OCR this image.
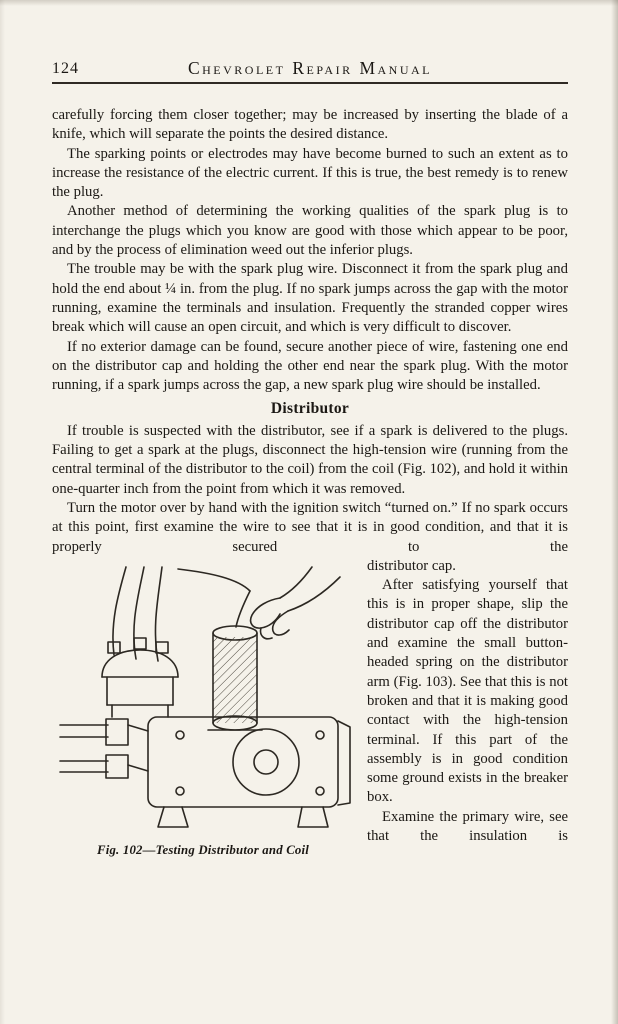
124	Chevrolet Repair Manual

carefully forcing them closer together; may be increased by inserting the blade of a knife, which will separate the points the desired distance.

The sparking points or electrodes may have become burned to such an extent as to increase the resistance of the electric current. If this is true, the best remedy is to renew the plug.

Another method of determining the working qualities of the spark plug is to interchange the plugs which you know are good with those which appear to be poor, and by the process of elimination weed out the inferior plugs.

The trouble may be with the spark plug wire. Disconnect it from the spark plug and hold the end about ¼ in. from the plug. If no spark jumps across the gap with the motor running, examine the terminals and insulation. Frequently the stranded copper wires break which will cause an open circuit, and which is very difficult to discover.

If no exterior damage can be found, secure another piece of wire, fastening one end on the distributor cap and holding the other end near the spark plug. With the motor running, if a spark jumps across the gap, a new spark plug wire should be installed.

Distributor

If trouble is suspected with the distributor, see if a spark is delivered to the plugs. Failing to get a spark at the plugs, disconnect the high-tension wire (running from the central terminal of the distributor to the coil) from the coil (Fig. 102), and hold it within one-quarter inch from the point from which it was removed.

Turn the motor over by hand with the ignition switch “turned on.” If no spark occurs at this point, first examine the wire to see that it is in good condition, and that it is properly secured to the

Fig. 102—Testing Distributor and Coil

distributor cap.

After satisfying yourself that this is in proper shape, slip the distributor cap off the distributor and examine the small button-headed spring on the distributor arm (Fig. 103). See that this is not broken and that it is making good contact with the high-tension terminal. If this part of the assembly is in good condition some ground exists in the breaker box.

Examine the primary wire, see that the insulation is
